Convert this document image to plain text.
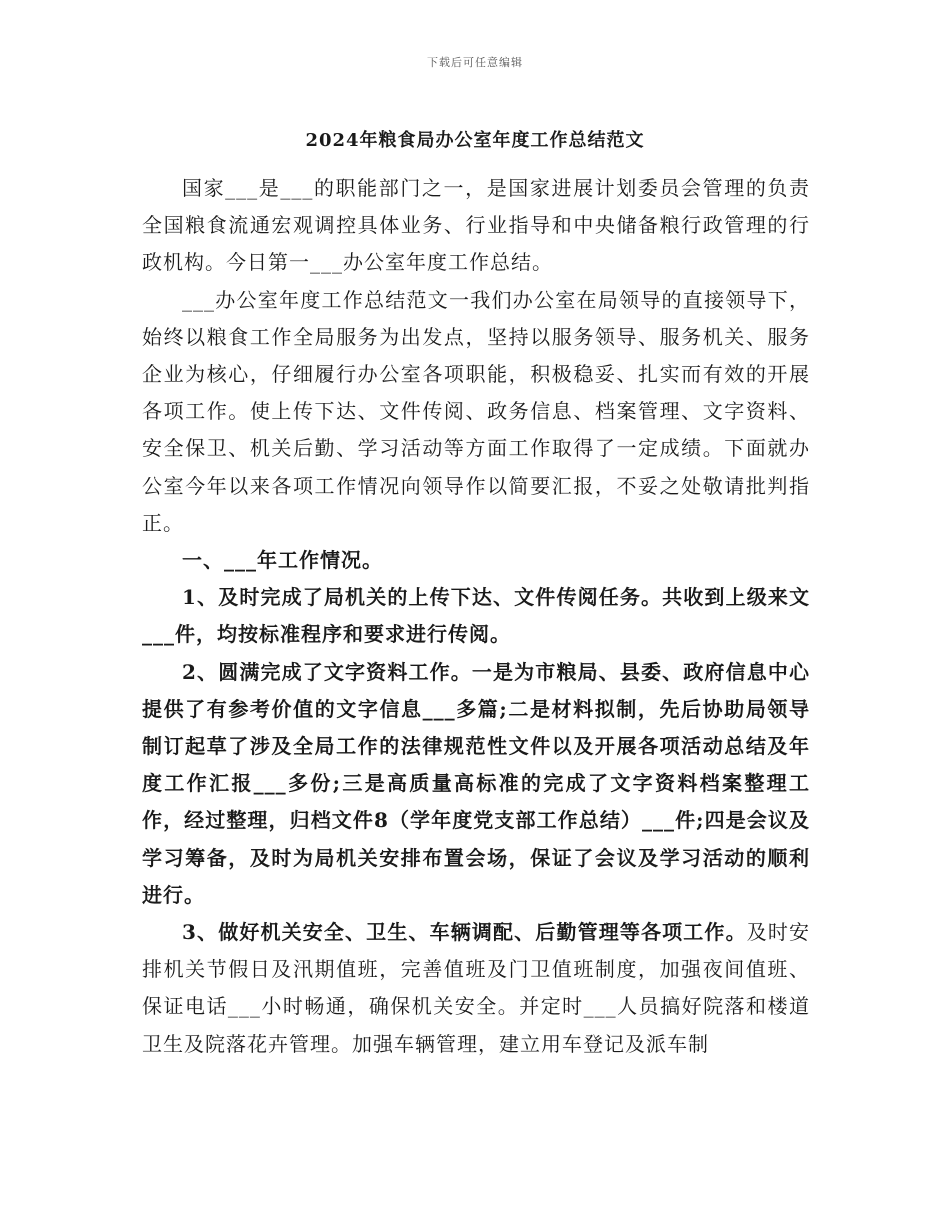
下载后可任意编辑
2024年粮食局办公室年度工作总结范文

国家___是___的职能部门之一，是国家进展计划委员会管理的负责全国粮食流通宏观调控具体业务、行业指导和中央储备粮行政管理的行政机构。今日第一___办公室年度工作总结。

___办公室年度工作总结范文一我们办公室在局领导的直接领导下，始终以粮食工作全局服务为出发点，坚持以服务领导、服务机关、服务企业为核心，仔细履行办公室各项职能，积极稳妥、扎实而有效的开展各项工作。使上传下达、文件传阅、政务信息、档案管理、文字资料、安全保卫、机关后勤、学习活动等方面工作取得了一定成绩。下面就办公室今年以来各项工作情况向领导作以简要汇报，不妥之处敬请批判指正。

一、___年工作情况。

1、及时完成了局机关的上传下达、文件传阅任务。共收到上级来文___件，均按标准程序和要求进行传阅。

2、圆满完成了文字资料工作。一是为市粮局、县委、政府信息中心提供了有参考价值的文字信息___多篇;二是材料拟制，先后协助局领导制订起草了涉及全局工作的法律规范性文件以及开展各项活动总结及年度工作汇报___多份;三是高质量高标准的完成了文字资料档案整理工作，经过整理，归档文件8（学年度党支部工作总结）___件;四是会议及学习筹备，及时为局机关安排布置会场，保证了会议及学习活动的顺利进行。

3、做好机关安全、卫生、车辆调配、后勤管理等各项工作。及时安排机关节假日及汛期值班，完善值班及门卫值班制度，加强夜间值班、保证电话___小时畅通，确保机关安全。并定时___人员搞好院落和楼道卫生及院落花卉管理。加强车辆管理，建立用车登记及派车制
